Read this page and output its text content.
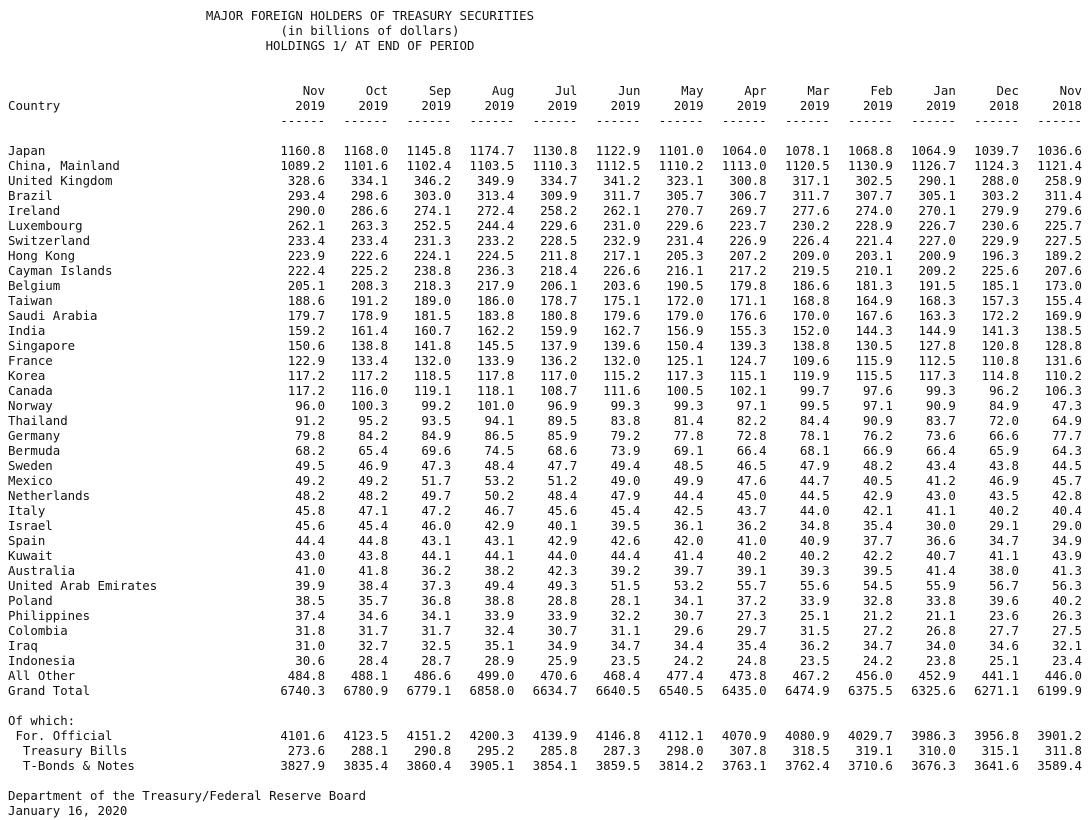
MAJOR FOREIGN HOLDERS OF TREASURY SECURITIES
(in billions of dollars)
HOLDINGS 1/ AT END OF PERIOD
	Nov	Oct	Sep	Aug	Jul	Jun	May	Apr	Mar	Feb	Jan	Dec	Nov
Country	2019	2019	2019	2019	2019	2019	2019	2019	2019	2019	2019	2018	2018
	------	------	------	------	------	------	------	------	------	------	------	------	------

Japan	1160.8	1168.0	1145.8	1174.7	1130.8	1122.9	1101.0	1064.0	1078.1	1068.8	1064.9	1039.7	1036.6
China, Mainland	1089.2	1101.6	1102.4	1103.5	1110.3	1112.5	1110.2	1113.0	1120.5	1130.9	1126.7	1124.3	1121.4
United Kingdom	328.6	334.1	346.2	349.9	334.7	341.2	323.1	300.8	317.1	302.5	290.1	288.0	258.9
Brazil	293.4	298.6	303.0	313.4	309.9	311.7	305.7	306.7	311.7	307.7	305.1	303.2	311.4
Ireland	290.0	286.6	274.1	272.4	258.2	262.1	270.7	269.7	277.6	274.0	270.1	279.9	279.6
Luxembourg	262.1	263.3	252.5	244.4	229.6	231.0	229.6	223.7	230.2	228.9	226.7	230.6	225.7
Switzerland	233.4	233.4	231.3	233.2	228.5	232.9	231.4	226.9	226.4	221.4	227.0	229.9	227.5
Hong Kong	223.9	222.6	224.1	224.5	211.8	217.1	205.3	207.2	209.0	203.1	200.9	196.3	189.2
Cayman Islands	222.4	225.2	238.8	236.3	218.4	226.6	216.1	217.2	219.5	210.1	209.2	225.6	207.6
Belgium	205.1	208.3	218.3	217.9	206.1	203.6	190.5	179.8	186.6	181.3	191.5	185.1	173.0
Taiwan	188.6	191.2	189.0	186.0	178.7	175.1	172.0	171.1	168.8	164.9	168.3	157.3	155.4
Saudi Arabia	179.7	178.9	181.5	183.8	180.8	179.6	179.0	176.6	170.0	167.6	163.3	172.2	169.9
India	159.2	161.4	160.7	162.2	159.9	162.7	156.9	155.3	152.0	144.3	144.9	141.3	138.5
Singapore	150.6	138.8	141.8	145.5	137.9	139.6	150.4	139.3	138.8	130.5	127.8	120.8	128.8
France	122.9	133.4	132.0	133.9	136.2	132.0	125.1	124.7	109.6	115.9	112.5	110.8	131.6
Korea	117.2	117.2	118.5	117.8	117.0	115.2	117.3	115.1	119.9	115.5	117.3	114.8	110.2
Canada	117.2	116.0	119.1	118.1	108.7	111.6	100.5	102.1	99.7	97.6	99.3	96.2	106.3
Norway	96.0	100.3	99.2	101.0	96.9	99.3	99.3	97.1	99.5	97.1	90.9	84.9	47.3
Thailand	91.2	95.2	93.5	94.1	89.5	83.8	81.4	82.2	84.4	90.9	83.7	72.0	64.9
Germany	79.8	84.2	84.9	86.5	85.9	79.2	77.8	72.8	78.1	76.2	73.6	66.6	77.7
Bermuda	68.2	65.4	69.6	74.5	68.6	73.9	69.1	66.4	68.1	66.9	66.4	65.9	64.3
Sweden	49.5	46.9	47.3	48.4	47.7	49.4	48.5	46.5	47.9	48.2	43.4	43.8	44.5
Mexico	49.2	49.2	51.7	53.2	51.2	49.0	49.9	47.6	44.7	40.5	41.2	46.9	45.7
Netherlands	48.2	48.2	49.7	50.2	48.4	47.9	44.4	45.0	44.5	42.9	43.0	43.5	42.8
Italy	45.8	47.1	47.2	46.7	45.6	45.4	42.5	43.7	44.0	42.1	41.1	40.2	40.4
Israel	45.6	45.4	46.0	42.9	40.1	39.5	36.1	36.2	34.8	35.4	30.0	29.1	29.0
Spain	44.4	44.8	43.1	43.1	42.9	42.6	42.0	41.0	40.9	37.7	36.6	34.7	34.9
Kuwait	43.0	43.8	44.1	44.1	44.0	44.4	41.4	40.2	40.2	42.2	40.7	41.1	43.9
Australia	41.0	41.8	36.2	38.2	42.3	39.2	39.7	39.1	39.3	39.5	41.4	38.0	41.3
United Arab Emirates	39.9	38.4	37.3	49.4	49.3	51.5	53.2	55.7	55.6	54.5	55.9	56.7	56.3
Poland	38.5	35.7	36.8	38.8	28.8	28.1	34.1	37.2	33.9	32.8	33.8	39.6	40.2
Philippines	37.4	34.6	34.1	33.9	33.9	32.2	30.7	27.3	25.1	21.2	21.1	23.6	26.3
Colombia	31.8	31.7	31.7	32.4	30.7	31.1	29.6	29.7	31.5	27.2	26.8	27.7	27.5
Iraq	31.0	32.7	32.5	35.1	34.9	34.7	34.4	35.4	36.2	34.7	34.0	34.6	32.1
Indonesia	30.6	28.4	28.7	28.9	25.9	23.5	24.2	24.8	23.5	24.2	23.8	25.1	23.4
All Other	484.8	488.1	486.6	499.0	470.6	468.4	477.4	473.8	467.2	456.0	452.9	441.1	446.0
Grand Total	6740.3	6780.9	6779.1	6858.0	6634.7	6640.5	6540.5	6435.0	6474.9	6375.5	6325.6	6271.1	6199.9

Of which:													
For. Official	4101.6	4123.5	4151.2	4200.3	4139.9	4146.8	4112.1	4070.9	4080.9	4029.7	3986.3	3956.8	3901.2
Treasury Bills	273.6	288.1	290.8	295.2	285.8	287.3	298.0	307.8	318.5	319.1	310.0	315.1	311.8
T-Bonds & Notes	3827.9	3835.4	3860.4	3905.1	3854.1	3859.5	3814.2	3763.1	3762.4	3710.6	3676.3	3641.6	3589.4
Department of the Treasury/Federal Reserve Board
January 16, 2020
